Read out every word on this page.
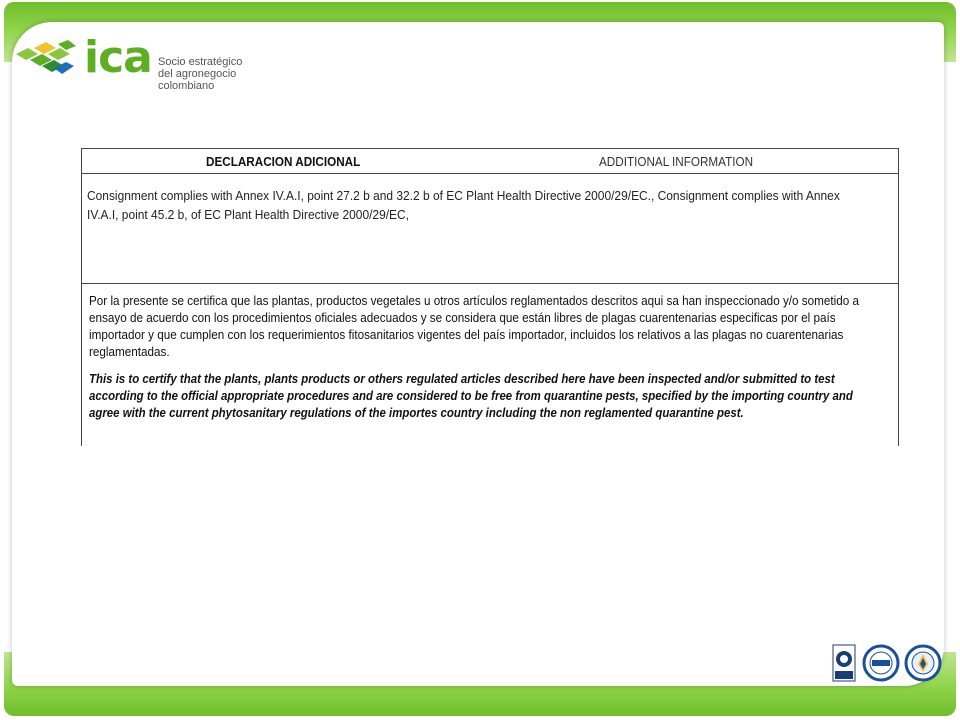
ica Socio estratégico
del agronegocio colombiano
DECLARACION ADICIONAL	ADDITIONAL INFORMATION
Consignment complies with Annex IV.A.I, point 27.2 b and 32.2 b of EC Plant Health Directive 2000/29/EC., Consignment complies with Annex IV.A.I, point 45.2 b, of EC Plant Health Directive 2000/29/EC,
Por la presente se certifica que las plantas, productos vegetales u otros artículos reglamentados descritos aqui sa han inspeccionado y/o sometido a ensayo de acuerdo con los procedimientos oficiales adecuados y se considera que están libres de plagas cuarentenarias especificas por el país importador y que cumplen con los requerimientos fitosanitarios vigentes del país importador, incluidos los relativos a las plagas no cuarentenarias reglamentadas.
This is to certify that the plants, plants products or others regulated articles described here have been inspected and/or submitted to test according to the official appropriate procedures and are considered to be free from quarantine pests, specified by the importing country and agree with the current phytosanitary regulations of the importes country including the non reglamented quarantine pest.
